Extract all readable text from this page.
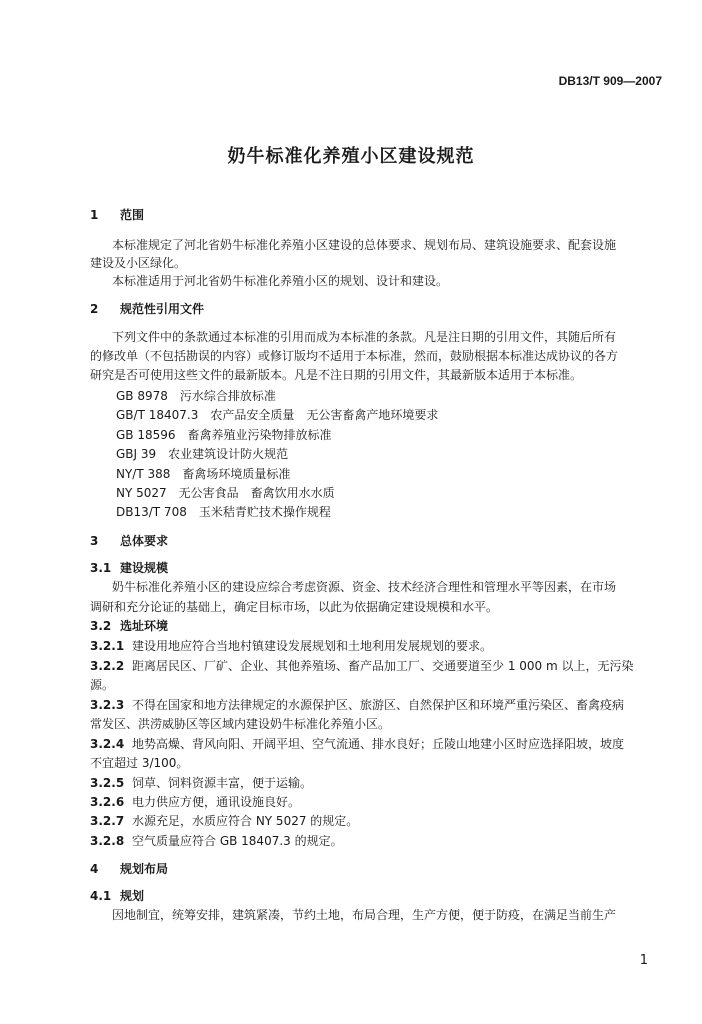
DB13/T 909—2007
奶牛标准化养殖小区建设规范
1 范围
本标准规定了河北省奶牛标准化养殖小区建设的总体要求、规划布局、建筑设施要求、配套设施
建设及小区绿化。
本标准适用于河北省奶牛标准化养殖小区的规划、设计和建设。
2 规范性引用文件
下列文件中的条款通过本标准的引用而成为本标准的条款。凡是注日期的引用文件，其随后所有
的修改单（不包括勘误的内容）或修订版均不适用于本标准，然而，鼓励根据本标准达成协议的各方
研究是否可使用这些文件的最新版本。凡是不注日期的引用文件，其最新版本适用于本标准。
GB 8978　污水综合排放标准
GB/T 18407.3　农产品安全质量　无公害畜禽产地环境要求
GB 18596　畜禽养殖业污染物排放标准
GBJ 39　农业建筑设计防火规范
NY/T 388　畜禽场环境质量标准
NY 5027　无公害食品　畜禽饮用水水质
DB13/T 708　玉米秸青贮技术操作规程
3 总体要求
3.1 建设规模
奶牛标准化养殖小区的建设应综合考虑资源、资金、技术经济合理性和管理水平等因素，在市场
调研和充分论证的基础上，确定目标市场，以此为依据确定建设规模和水平。
3.2 选址环境
3.2.1 建设用地应符合当地村镇建设发展规划和土地利用发展规划的要求。
3.2.2 距离居民区、厂矿、企业、其他养殖场、畜产品加工厂、交通要道至少 1 000 m 以上，无污染
源。
3.2.3 不得在国家和地方法律规定的水源保护区、旅游区、自然保护区和环境严重污染区、畜禽疫病
常发区、洪涝威胁区等区域内建设奶牛标准化养殖小区。
3.2.4 地势高燥、背风向阳、开阔平坦、空气流通、排水良好；丘陵山地建小区时应选择阳坡，坡度
不宜超过 3/100。
3.2.5 饲草、饲料资源丰富，便于运输。
3.2.6 电力供应方便，通讯设施良好。
3.2.7 水源充足，水质应符合 NY 5027 的规定。
3.2.8 空气质量应符合 GB 18407.3 的规定。
4 规划布局
4.1 规划
因地制宜，统筹安排，建筑紧凑，节约土地，布局合理，生产方便，便于防疫，在满足当前生产
1
